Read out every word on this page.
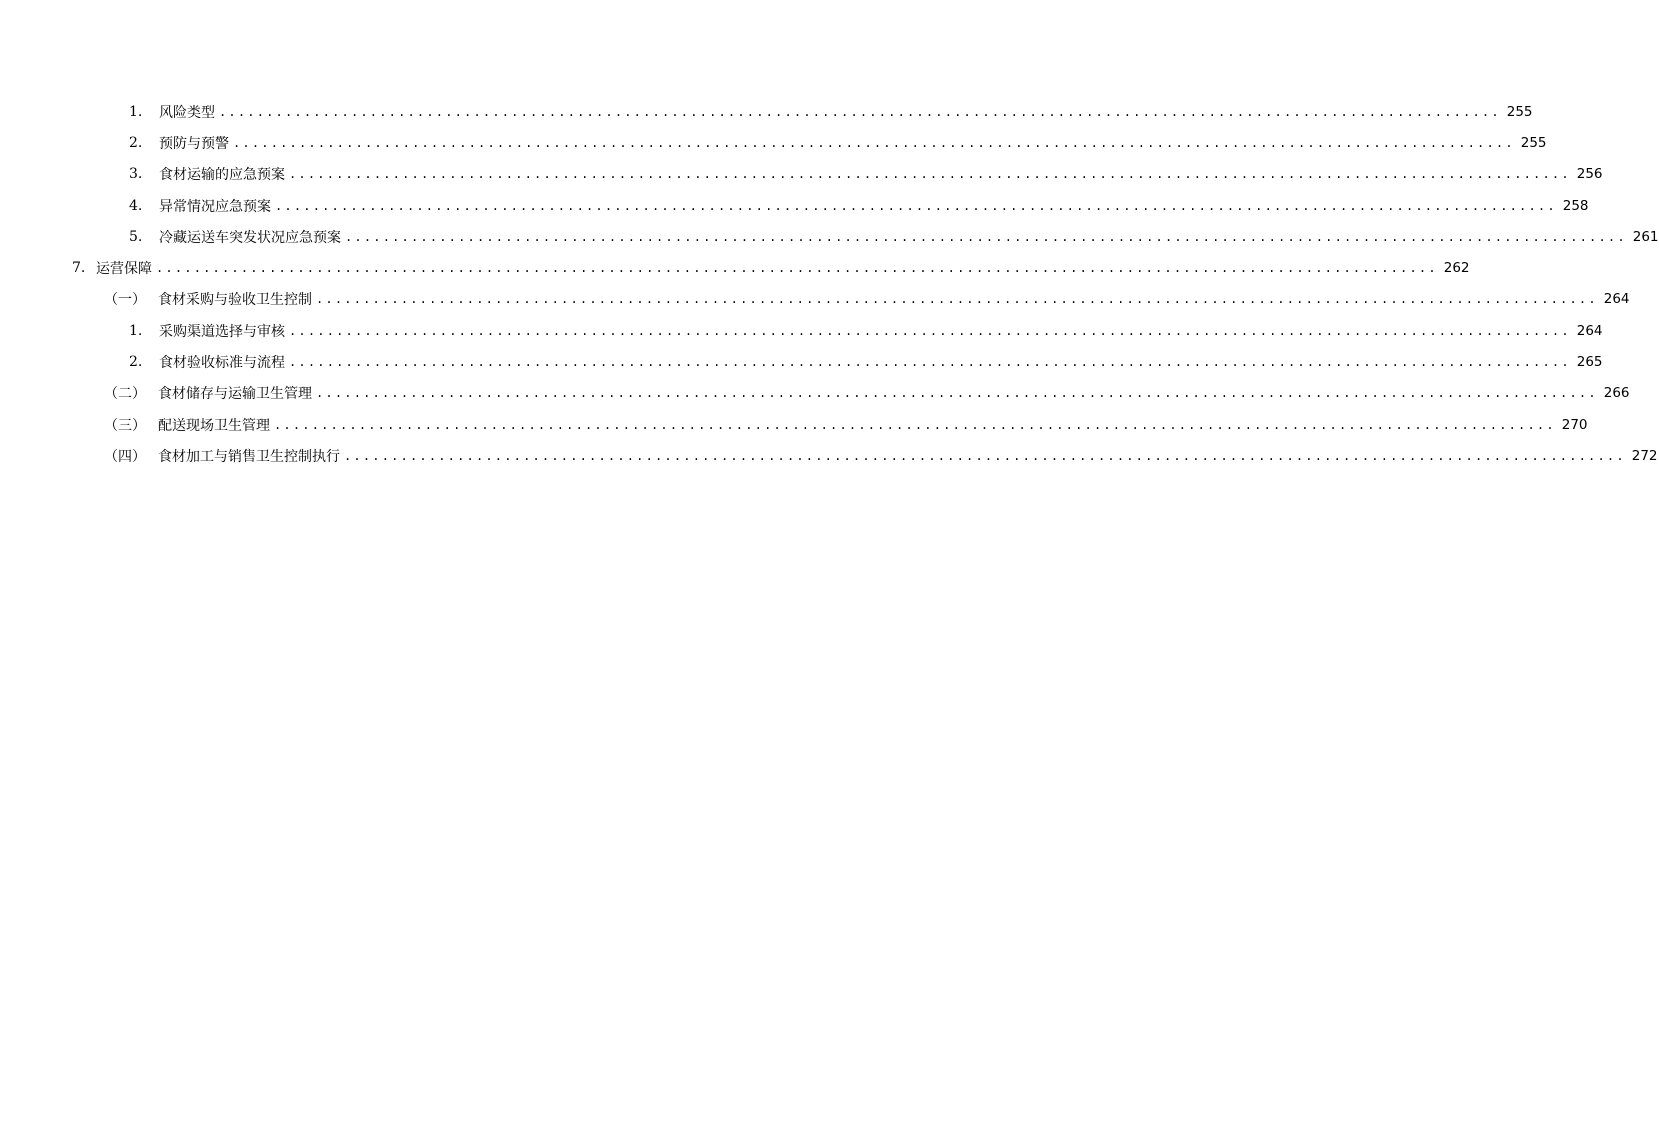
1.	风险类型 ........................................................................................................................................ 255
2.	预防与预警 ........................................................................................................................................ 255
3.	食材运输的应急预案 ........................................................................................................................................ 256
4.	异常情况应急预案 ........................................................................................................................................ 258
5.	冷藏运送车突发状况应急预案 ........................................................................................................................................ 261
7. 运营保障 ........................................................................................................................................ 262
（一） 食材采购与验收卫生控制 ........................................................................................................................................ 264
1.	采购渠道选择与审核 ........................................................................................................................................ 264
2.	食材验收标准与流程 ........................................................................................................................................ 265
（二） 食材储存与运输卫生管理 ........................................................................................................................................ 266
（三） 配送现场卫生管理 ........................................................................................................................................ 270
（四） 食材加工与销售卫生控制执行 ........................................................................................................................................ 272
